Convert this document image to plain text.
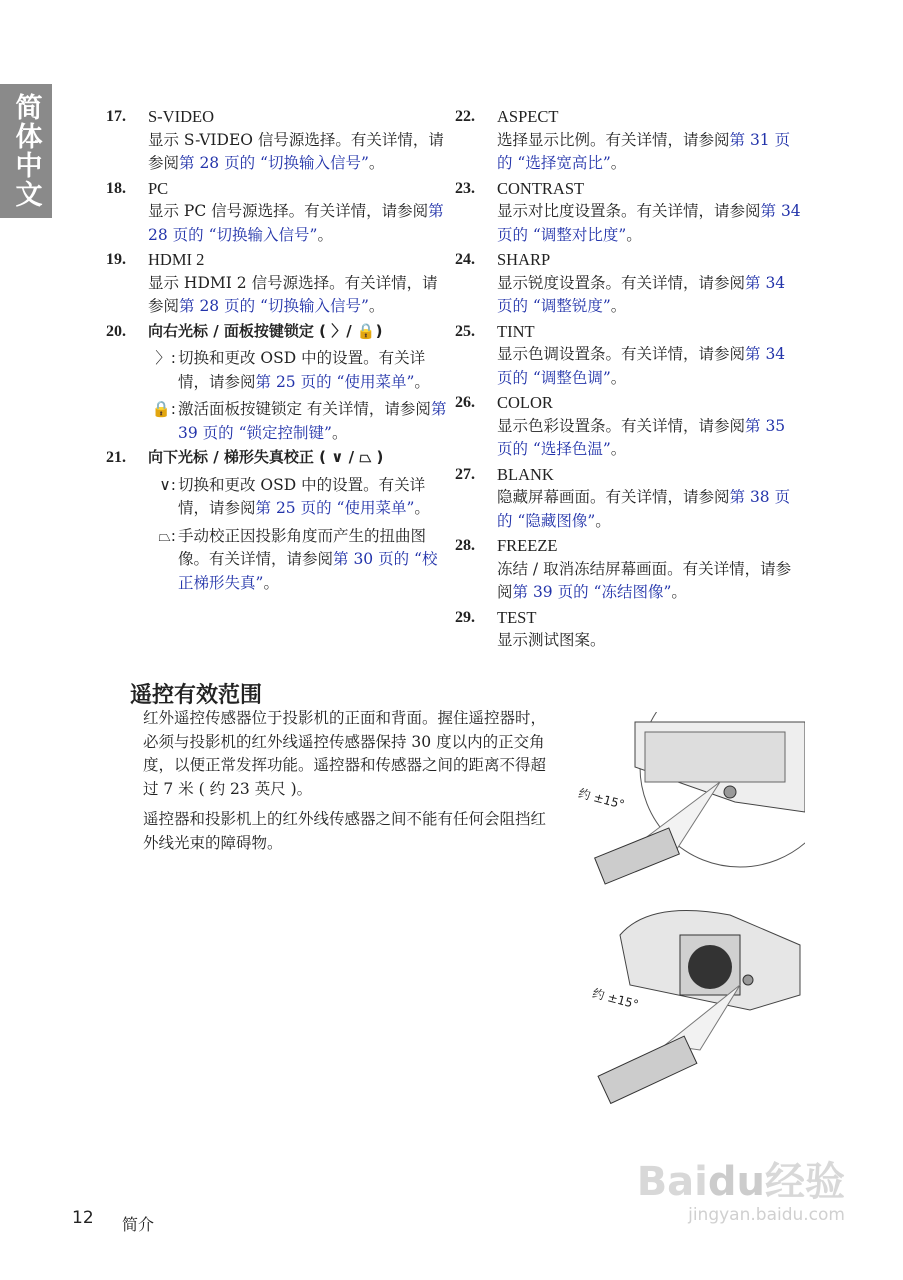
简体中文	17.	S-VIDEO
显示 S-VIDEO 信号源选择。有关详情，请参阅第 28 页的 “切换输入信号”。
18.	PC
显示 PC 信号源选择。有关详情，请参阅第 28 页的 “切换输入信号”。
19.	HDMI 2
显示 HDMI 2 信号源选择。有关详情，请参阅第 28 页的 “切换输入信号”。
20.	向右光标 / 面板按键锁定 ( 〉/ 🔒)
〉: 切换和更改 OSD 中的设置。有关详情，请参阅第 25 页的 “使用菜单”。
🔒: 激活面板按键锁定 有关详情，请参阅第 39 页的 “锁定控制键”。
21.	向下光标 / 梯形失真校正 ( ∨ / ⏢ )
∨: 切换和更改 OSD 中的设置。有关详情，请参阅第 25 页的 “使用菜单”。
⏢: 手动校正因投影角度而产生的扭曲图像。有关详情，请参阅第 30 页的 “校正梯形失真”。
22.	ASPECT
选择显示比例。有关详情，请参阅第 31 页的 “选择宽高比”。
23.	CONTRAST
显示对比度设置条。有关详情，请参阅第 34 页的 “调整对比度”。
24.	SHARP
显示锐度设置条。有关详情，请参阅第 34 页的 “调整锐度”。
25.	TINT
显示色调设置条。有关详情，请参阅第 34 页的 “调整色调”。
26.	COLOR
显示色彩设置条。有关详情，请参阅第 35 页的 “选择色温”。
27.	BLANK
隐藏屏幕画面。有关详情，请参阅第 38 页的 “隐藏图像”。
28.	FREEZE
冻结 / 取消冻结屏幕画面。有关详情，请参阅第 39 页的 “冻结图像”。
29.	TEST
显示测试图案。
遥控有效范围

红外遥控传感器位于投影机的正面和背面。握住遥控器时，必须与投影机的红外线遥控传感器保持 30 度以内的正交角度，以便正常发挥功能。遥控器和传感器之间的距离不得超过 7 米 ( 约 23 英尺 )。

遥控器和投影机上的红外线传感器之间不能有任何会阻挡红外线光束的障碍物。

约 ±15°
约 ±15°
Baidu经验
jingyan.baidu.com
12 简介
